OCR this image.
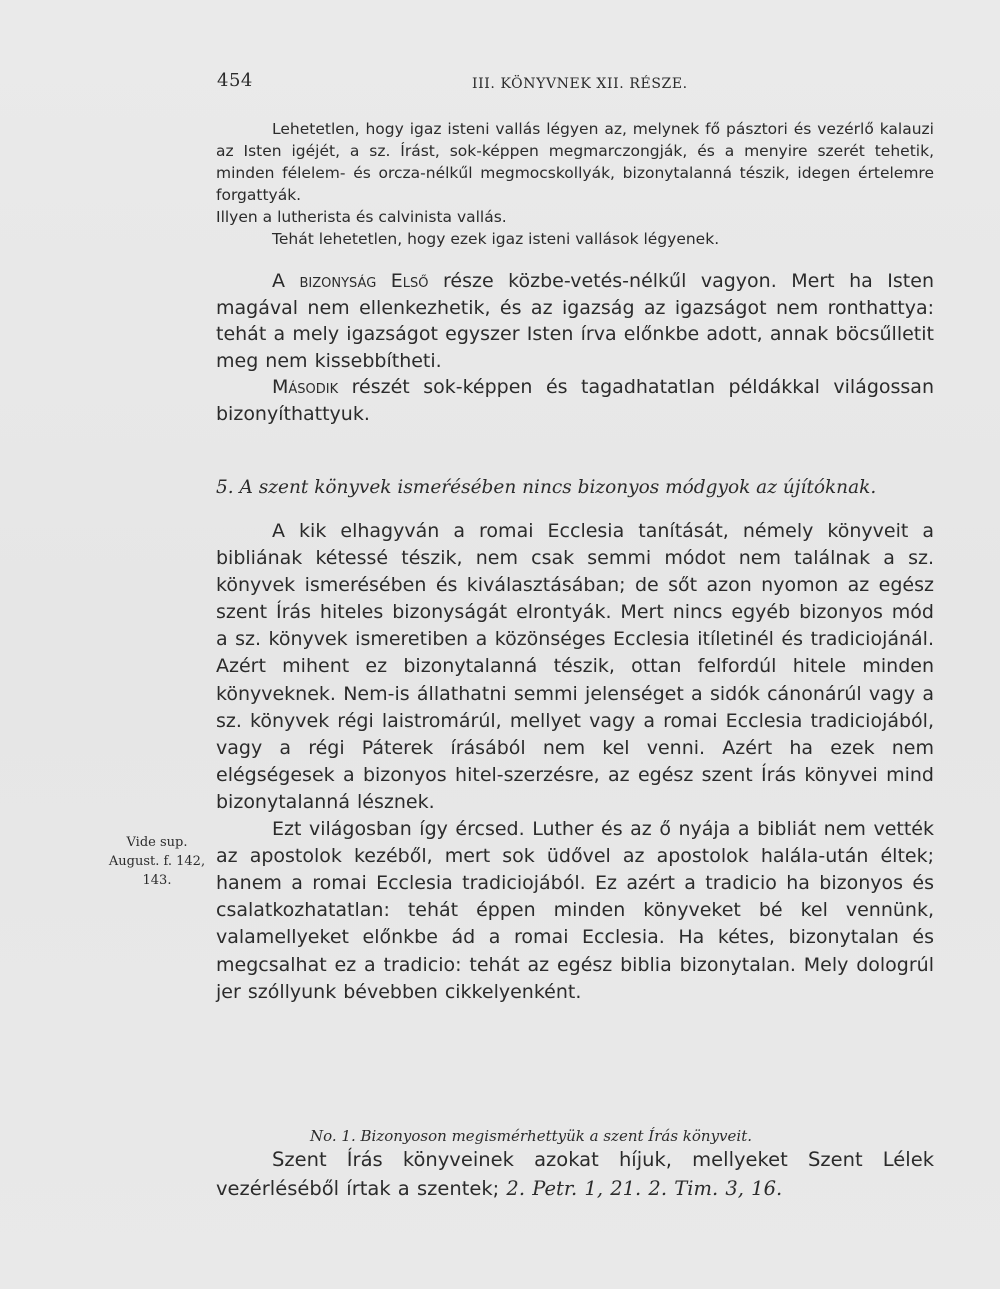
454	III. KÖNYVNEK XII. RÉSZE.

Lehetetlen, hogy igaz isteni vallás légyen az, melynek fő pásztori és vezérlő kalauzi az Isten igéjét, a sz. Írást, sok-képpen megmarczongják, és a menyire szerét tehetik, minden félelem- és orcza-nélkűl megmocskollyák, bizonytalanná tészik, idegen értelemre forgattyák.

Illyen a lutherista és calvinista vallás.

Tehát lehetetlen, hogy ezek igaz isteni vallások légyenek.

A bizonyság Első része közbe-vetés-nélkűl vagyon. Mert ha Isten magával nem ellenkezhetik, és az igazság az igazságot nem ronthattya: tehát a mely igazságot egyszer Isten írva előnkbe adott, annak böcsűlletit meg nem kissebbítheti.

Második részét sok-képpen és tagadhatatlan példákkal világossan bizonyíthattyuk.

5. A szent könyvek ismeŕésében nincs bizonyos módgyok az újítóknak.

A kik elhagyván a romai Ecclesia tanítását, némely könyveit a bibliának kétessé tészik, nem csak semmi módot nem találnak a sz. könyvek ismerésében és kiválasztásában; de sőt azon nyomon az egész szent Írás hiteles bizonyságát elrontyák. Mert nincs egyéb bizonyos mód a sz. könyvek ismeretiben a közönséges Ecclesia itíletinél és tradiciojánál. Azért mihent ez bizonytalanná tészik, ottan felfordúl hitele minden könyveknek. Nem-is állathatni semmi jelenséget a sidók cánonárúl vagy a sz. könyvek régi laistromárúl, mellyet vagy a romai Ecclesia tradiciojából, vagy a régi Páterek írásából nem kel venni. Azért ha ezek nem elégségesek a bizonyos hitel-szerzésre, az egész szent Írás könyvei mind bizonytalanná lésznek.

Ezt világosban így ércsed. Luther és az ő nyája a bibliát nem vették az apostolok kezéből, mert sok üdővel az apostolok halála-után éltek; hanem a romai Ecclesia tradiciojából. Ez azért a tradicio ha bizonyos és csalatkozhatatlan: tehát éppen minden könyveket bé kel vennünk, valamellyeket előnkbe ád a romai Ecclesia. Ha kétes, bizonytalan és megcsalhat ez a tradicio: tehát az egész biblia bizonytalan. Mely dologrúl jer szóllyunk bévebben cikkelyenként.

Vide sup. August. f. 142, 143.
No. 1. Bizonyoson megismérhettyük a szent Írás könyveit.

Szent Írás könyveinek azokat híjuk, mellyeket Szent Lélek vezérléséből írtak a szentek; 2. Petr. 1, 21. 2. Tim. 3, 16.
